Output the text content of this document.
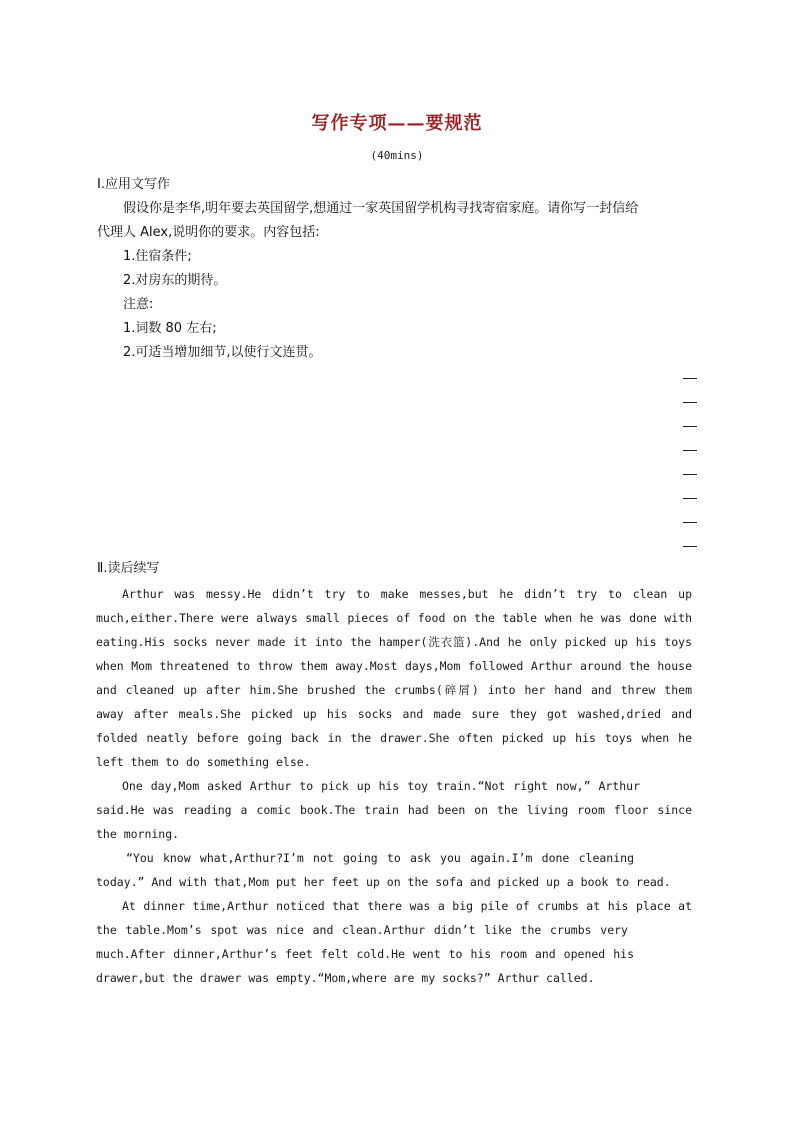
写作专项——要规范
(40mins)
Ⅰ.应用文写作
假设你是李华,明年要去英国留学,想通过一家英国留学机构寻找寄宿家庭。请你写一封信给
代理人 Alex,说明你的要求。内容包括:
1.住宿条件;
2.对房东的期待。
注意:
1.词数 80 左右;
2.可适当增加细节,以使行文连贯。
Ⅱ.读后续写
Arthur was messy.He didn’t try to make messes,but he didn’t try to clean up
much,either.There were always small pieces of food on the table when he was done with
eating.His socks never made it into the hamper(洗衣篮).And he only picked up his toys
when Mom threatened to throw them away.Most days,Mom followed Arthur around the house
and cleaned up after him.She brushed the crumbs(碎屑) into her hand and threw them
away after meals.She picked up his socks and made sure they got washed,dried and
folded neatly before going back in the drawer.She often picked up his toys when he
left them to do something else.
One day,Mom asked Arthur to pick up his toy train.“Not right now,” Arthur
said.He was reading a comic book.The train had been on the living room floor since
the morning.
“You know what,Arthur?I’m not going to ask you again.I’m done cleaning
today.” And with that,Mom put her feet up on the sofa and picked up a book to read.
At dinner time,Arthur noticed that there was a big pile of crumbs at his place at
the table.Mom’s spot was nice and clean.Arthur didn’t like the crumbs very
much.After dinner,Arthur’s feet felt cold.He went to his room and opened his
drawer,but the drawer was empty.“Mom,where are my socks?” Arthur called.
